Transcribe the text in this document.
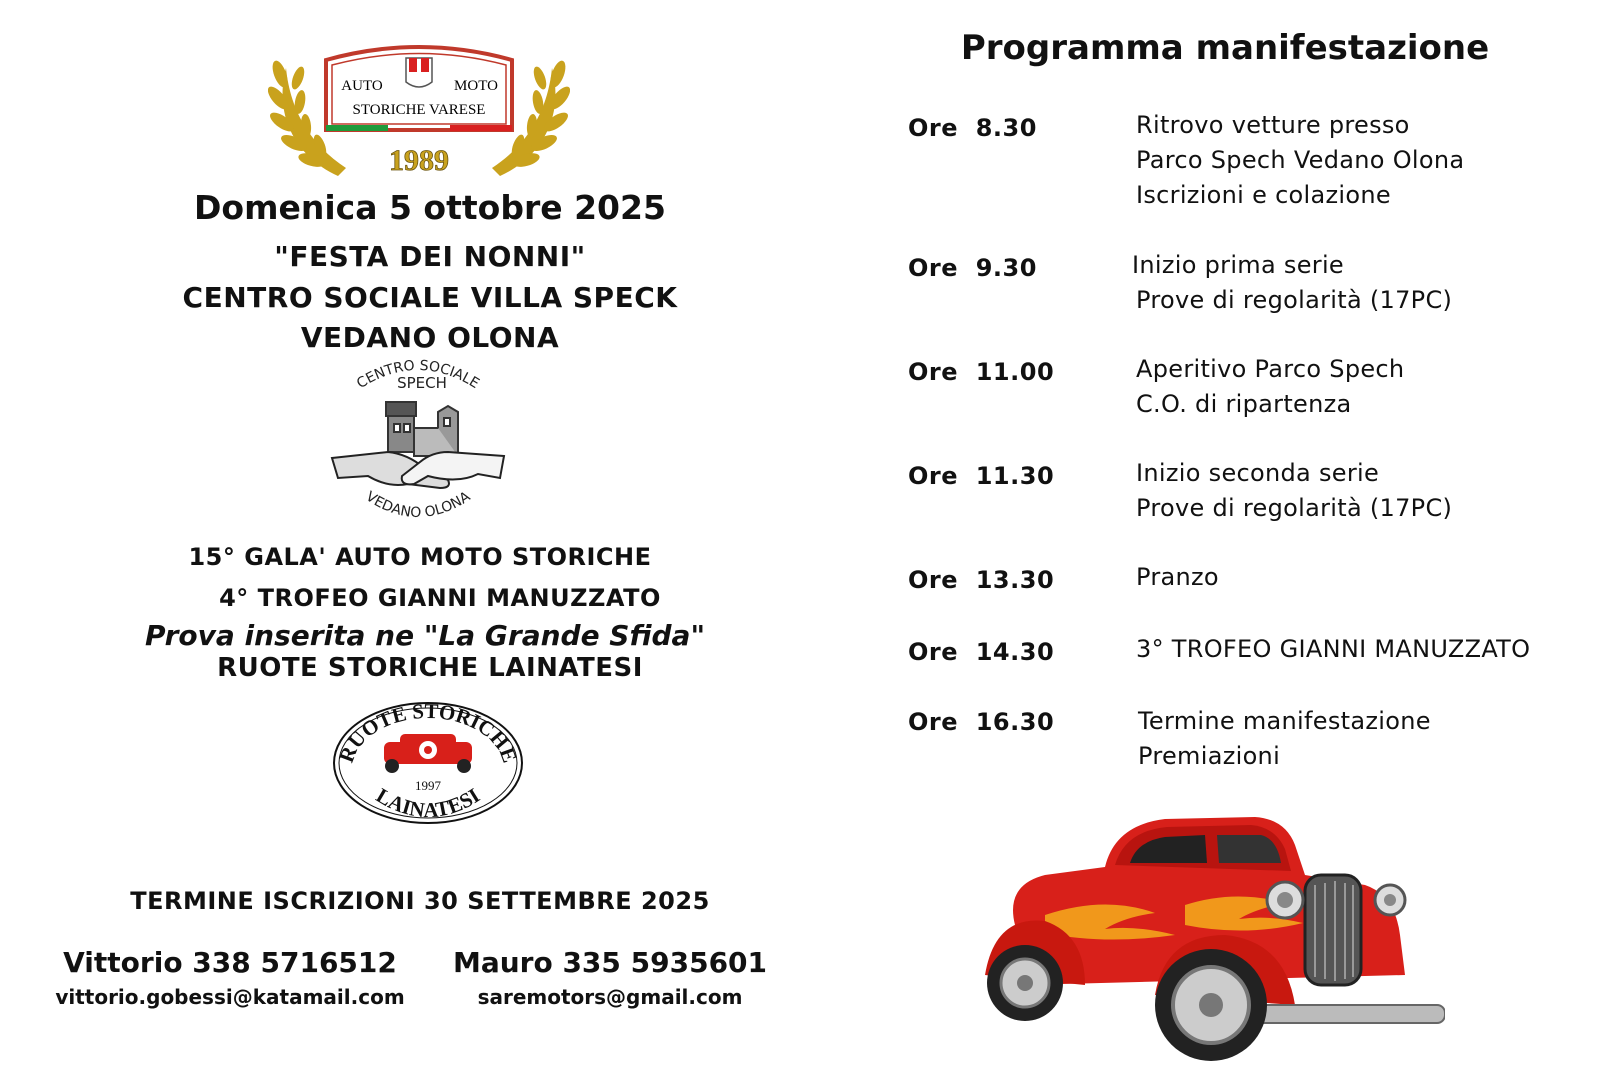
AUTO	MOTO
STORICHE VARESE
1989
Domenica 5 ottobre 2025
"FESTA DEI NONNI"
CENTRO SOCIALE VILLA SPECK
VEDANO OLONA
CENTRO SOCIALE
SPECH
VEDANO OLONA
15° GALA' AUTO MOTO STORICHE
4° TROFEO GIANNI MANUZZATO
Prova inserita ne "La Grande Sfida"
RUOTE STORICHE LAINATESI
RUOTE STORICHE
1997
LAINATESI
TERMINE ISCRIZIONI 30 SETTEMBRE 2025
Vittorio 338 5716512
vittorio.gobessi@katamail.com
Mauro 335 5935601
saremotors@gmail.com
Programma manifestazione
Ore  8.30	Ritrovo vetture presso
Parco Spech Vedano Olona
Iscrizioni e colazione
Ore  9.30	Inizio prima serie
Prove di regolarità (17PC)
Ore  11.00	Aperitivo Parco Spech
C.O. di ripartenza
Ore  11.30	Inizio seconda serie
Prove di regolarità (17PC)
Ore  13.30	Pranzo
Ore  14.30	3° TROFEO GIANNI MANUZZATO
Ore  16.30	Termine manifestazione
Premiazioni
